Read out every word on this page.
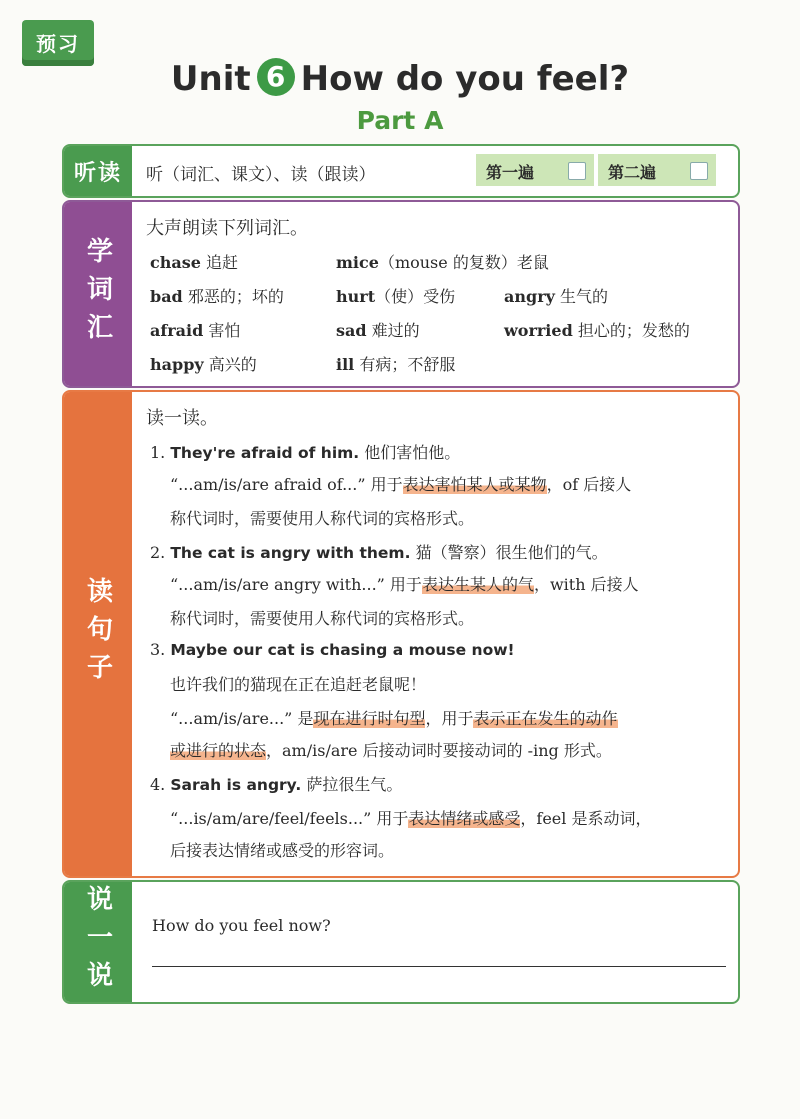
预习
Unit 6 How do you feel?
Part A
听读	听（词汇、课文）、读（跟读）	第一遍	第二遍
学词汇
大声朗读下列词汇。
chase 追赶	mice（mouse 的复数）老鼠
bad 邪恶的；坏的	hurt（使）受伤	angry 生气的
afraid 害怕	sad 难过的	worried 担心的；发愁的
happy 高兴的	ill 有病；不舒服
读句子
读一读。
1. They're afraid of him. 他们害怕他。
“...am/is/are afraid of...” 用于表达害怕某人或某物，of 后接人
称代词时，需要使用人称代词的宾格形式。
2. The cat is angry with them. 猫（警察）很生他们的气。
“...am/is/are angry with...” 用于表达生某人的气，with 后接人
称代词时，需要使用人称代词的宾格形式。
3. Maybe our cat is chasing a mouse now!
也许我们的猫现在正在追赶老鼠呢！
“...am/is/are...” 是现在进行时句型，用于表示正在发生的动作
或进行的状态，am/is/are 后接动词时要接动词的 -ing 形式。
4. Sarah is angry. 萨拉很生气。
“...is/am/are/feel/feels...” 用于表达情绪或感受，feel 是系动词，
后接表达情绪或感受的形容词。
说一说 How do you feel now?
